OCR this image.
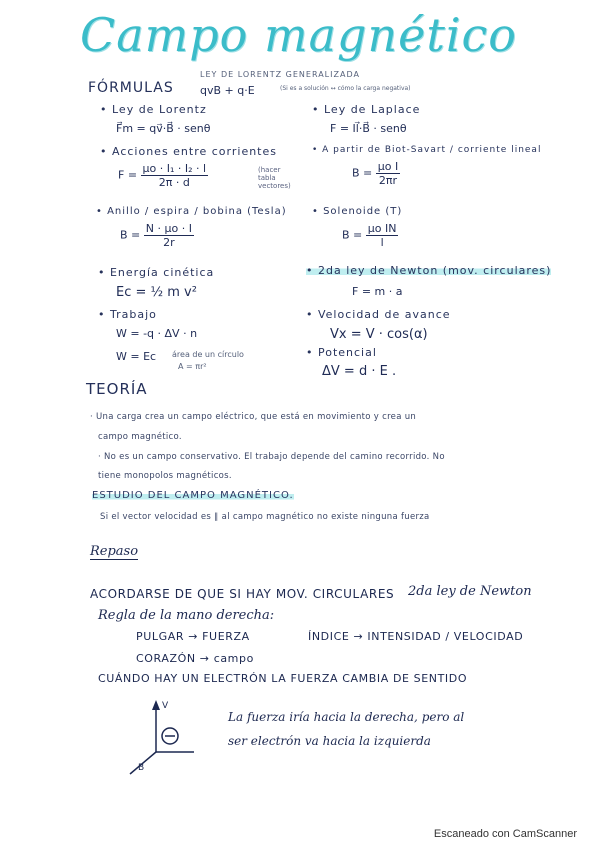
Campo magnético
FÓRMULAS
LEY DE LORENTZ GENERALIZADA
qvB + q·E	(Si es a solución ↔ cómo la carga negativa)
• Ley de Lorentz
F⃗m = qv⃗·B⃗ · senθ
• Ley de Laplace
F = Il⃗·B⃗ · senθ
• Acciones entre corrientes
$F = \frac{\text{μo · I₁ · I₂ · l}}{2\pi \cdot d}$	(hacer tabla vectores)
• A partir de Biot-Savart / corriente lineal
$B = \frac{\text{μo I}}{2\pi r}$
• Anillo / espira / bobina (Tesla)
$B = \frac{N \cdot \mu o \cdot I}{2r}$
• Solenoide (T)
$B = \frac{\text{μo IN}}{l}$
• Energía cinética
Ec = ½ m v²
• 2da ley de Newton (mov. circulares)
F = m · a
• Trabajo
W = -q · ΔV · n
W = Ec área de un círculo
A = πr²
• Velocidad de avance
Vx = V · cos(α)
• Potencial
ΔV = d · E .
TEORÍA
· Una carga crea un campo eléctrico, que está en movimiento y crea un
campo magnético.
· No es un campo conservativo. El trabajo depende del camino recorrido. No
tiene monopolos magnéticos.
ESTUDIO DEL CAMPO MAGNÉTICO.
Si el vector velocidad es ∥ al campo magnético no existe ninguna fuerza
Repaso
ACORDARSE DE QUE SI HAY MOV. CIRCULARES 2da ley de Newton
Regla de la mano derecha:
PULGAR → FUERZA	ÍNDICE → INTENSIDAD / VELOCIDAD
CORAZÓN → campo
CUÁNDO HAY UN ELECTRÓN LA FUERZA CAMBIA DE SENTIDO
V
B
La fuerza iría hacia la derecha, pero al
ser electrón va hacia la izquierda
Escaneado con CamScanner
